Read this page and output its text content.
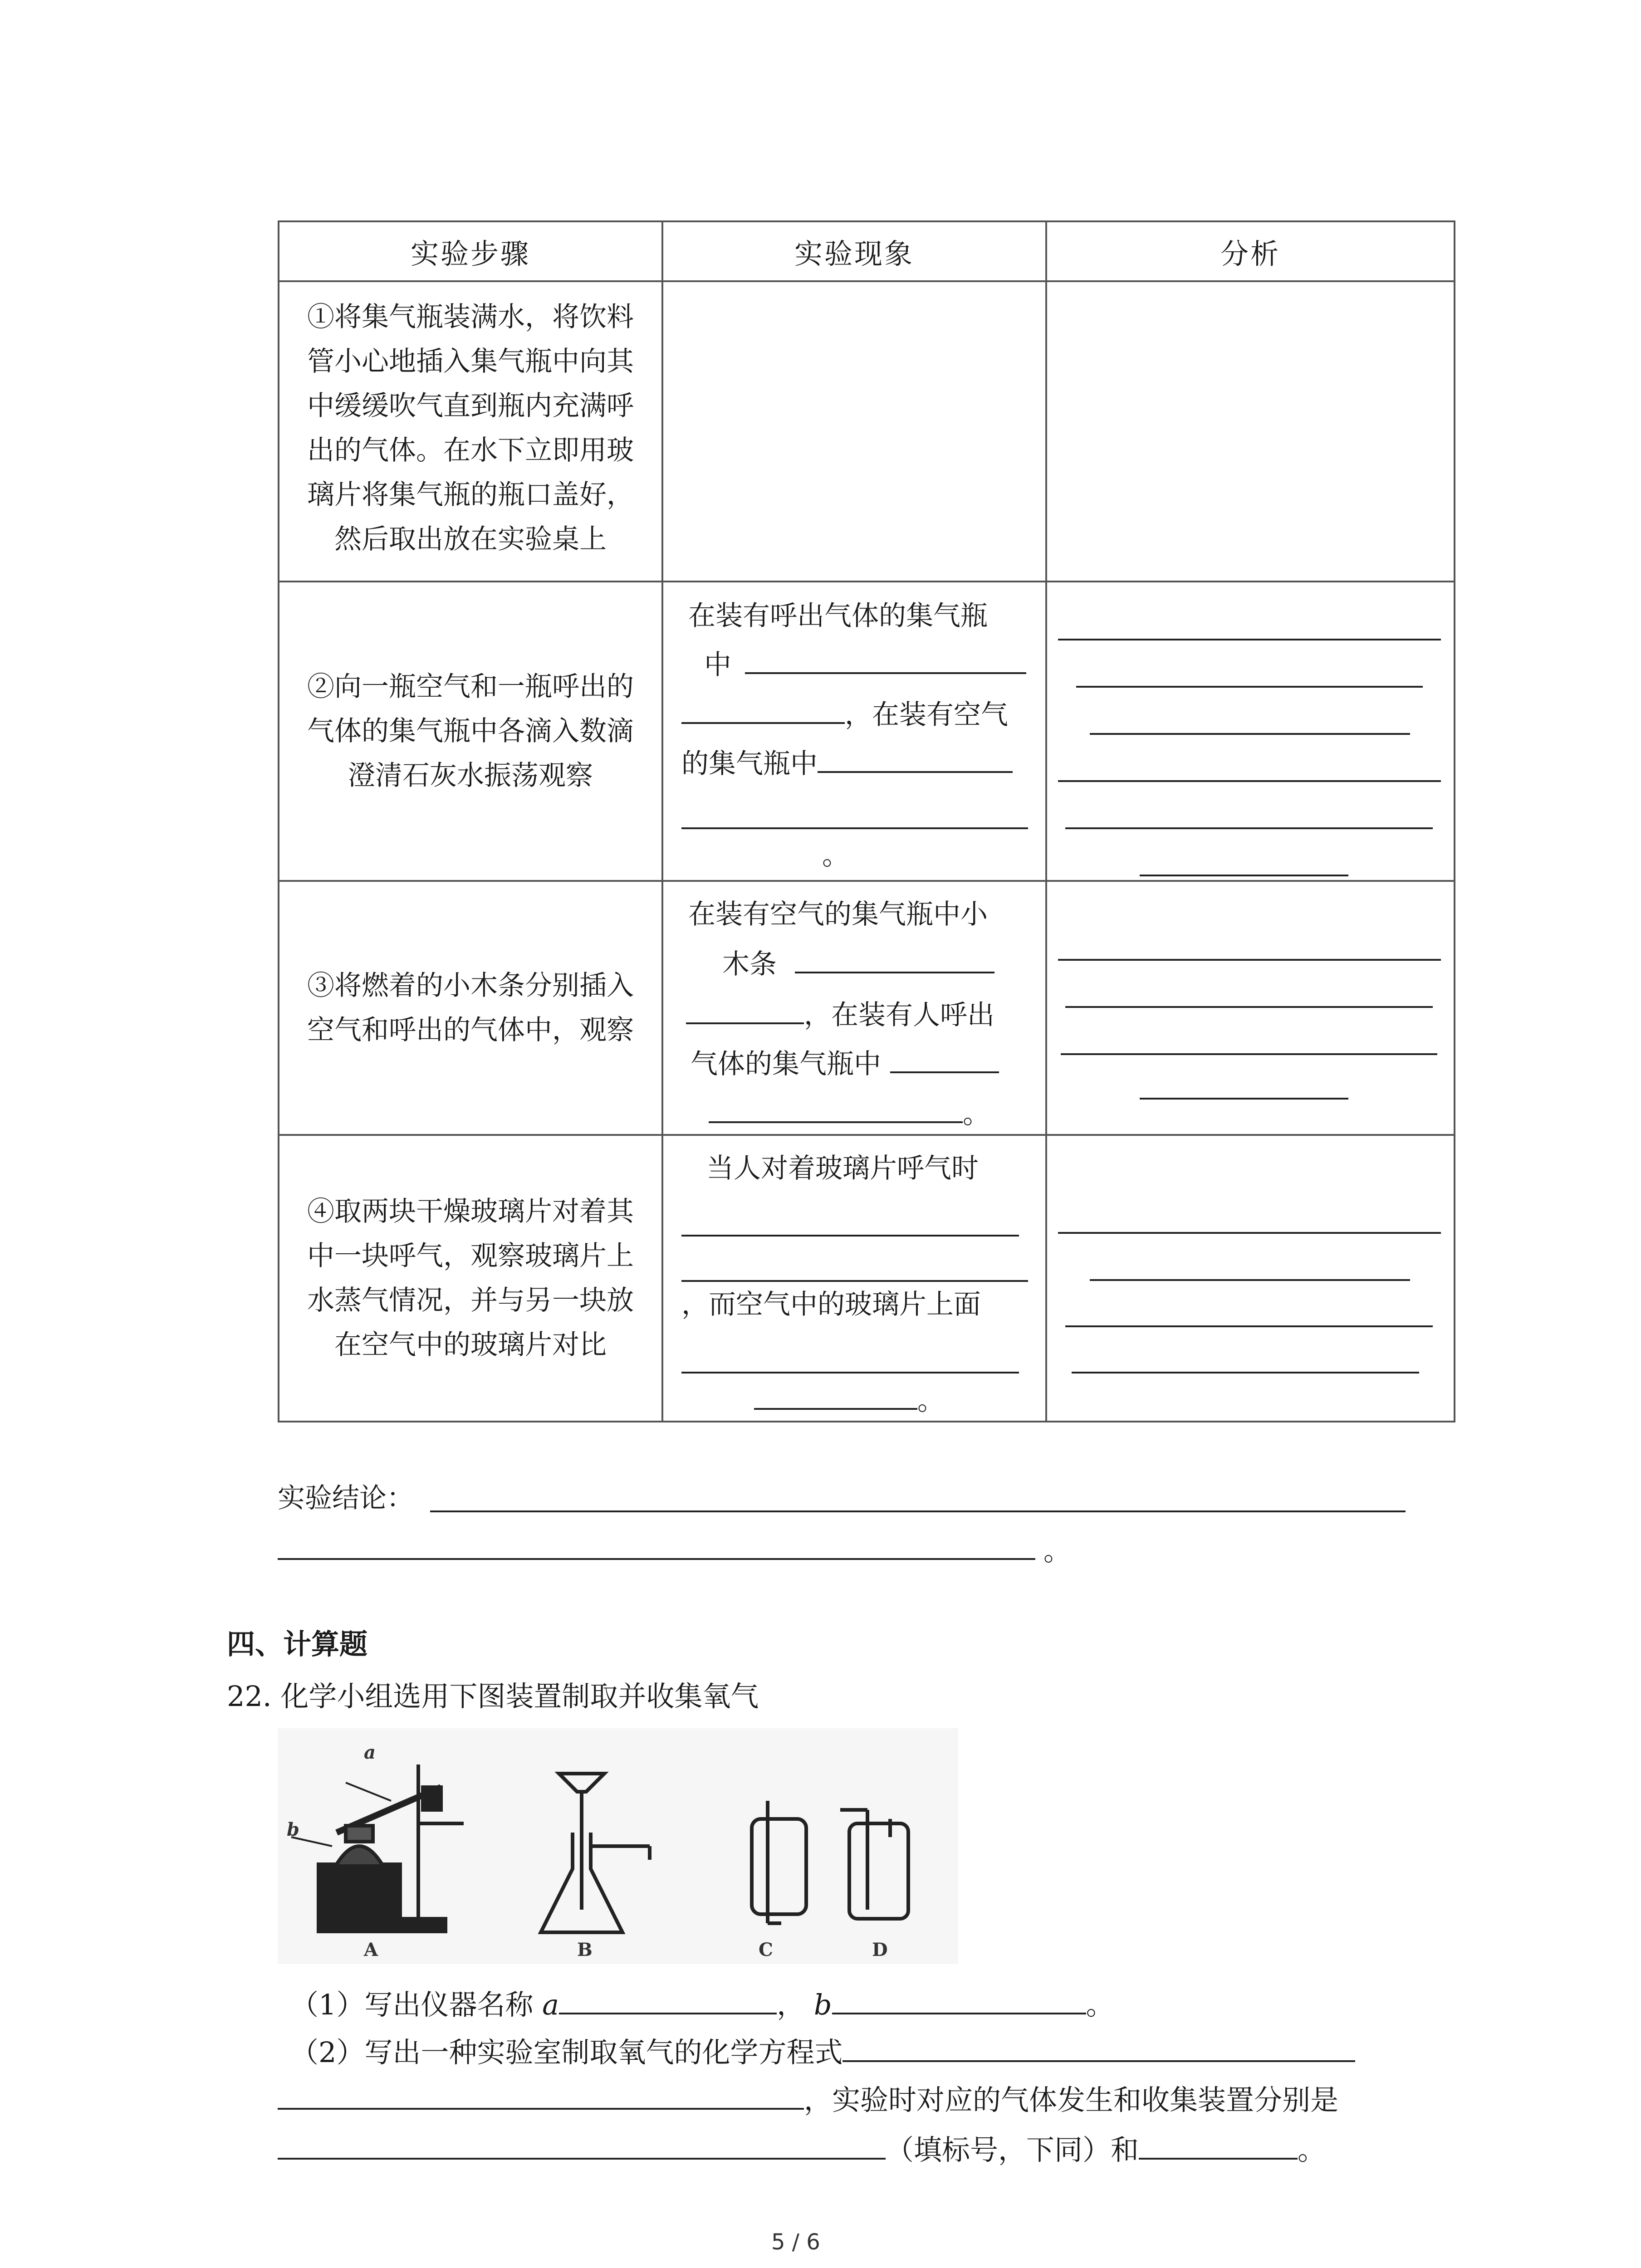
实验步骤	实验现象	分析

①将集气瓶装满水，将饮料管小心地插入集气瓶中向其中缓缓吹气直到瓶内充满呼出的气体。在水下立即用玻璃片将集气瓶的瓶口盖好，然后取出放在实验桌上		

②向一瓶空气和一瓶呼出的气体的集气瓶中各滴入数滴澄清石灰水振荡观察	在装有呼出气体的集气瓶
中
，在装有空气
的集气瓶中
。	

③将燃着的小木条分别插入空气和呼出的气体中，观察	在装有空气的集气瓶中小
木条
，在装有人呼出
气体的集气瓶中
。	

④取两块干燥玻璃片对着其中一块呼气，观察玻璃片上水蒸气情况，并与另一块放在空气中的玻璃片对比	当人对着玻璃片呼气时
，而空气中的玻璃片上面
。	

实验结论：
。
四、计算题
22. 化学小组选用下图装置制取并收集氧气
a
b
A	B	C	D
（1）写出仪器名称 a	， b	。
（2）写出一种实验室制取氧气的化学方程式
，实验时对应的气体发生和收集装置分别是
（填标号，下同）和	。
5 / 6
